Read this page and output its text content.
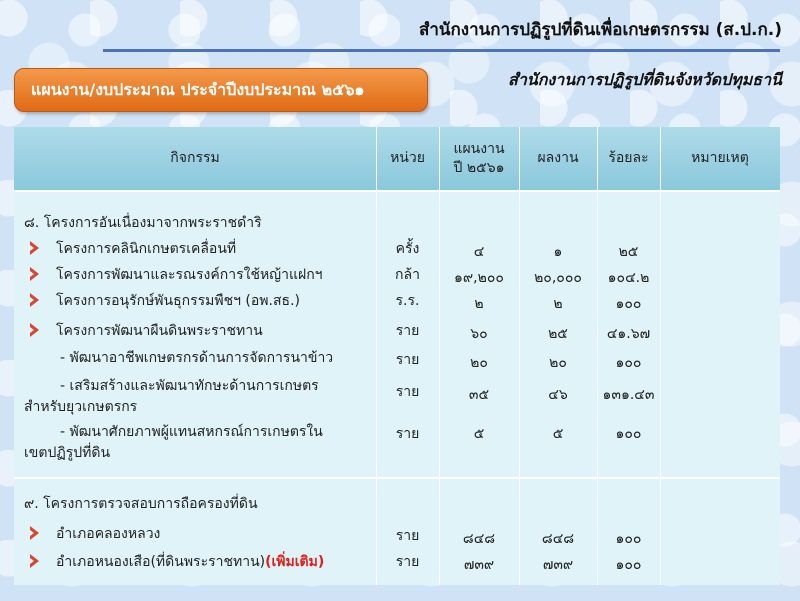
สำนักงานการปฏิรูปที่ดินเพื่อเกษตรกรรม (ส.ป.ก.)
แผนงาน/งบประมาณ ประจำปีงบประมาณ ๒๕๖๑	สำนักงานการปฏิรูปที่ดินจังหวัดปทุมธานี
กิจกรรม	หน่วย
แผนงาน
ปี ๒๕๖๑
ผลงาน	ร้อยละ	หมายเหตุ
๘. โครงการอันเนื่องมาจากพระราชดำริ
โครงการคลินิกเกษตรเคลื่อนที่	ครั้ง	๔	๑	๒๕
โครงการพัฒนาและรณรงค์การใช้หญ้าแฝกฯ	กล้า	๑๙,๒๐๐	๒๐,๐๐๐	๑๐๔.๒
โครงการอนุรักษ์พันธุกรรมพืชฯ (อพ.สธ.)	ร.ร.	๒	๒	๑๐๐
โครงการพัฒนาผืนดินพระราชทาน	ราย	๖๐	๒๕	๔๑.๖๗
- พัฒนาอาชีพเกษตรกรด้านการจัดการนาข้าว	ราย	๒๐	๒๐	๑๐๐
- เสริมสร้างและพัฒนาทักษะด้านการเกษตร
สำหรับยุวเกษตรกร
ราย	๓๕	๔๖	๑๓๑.๔๓
- พัฒนาศักยภาพผู้แทนสหกรณ์การเกษตรใน
เขตปฏิรูปที่ดิน
ราย	๕	๕	๑๐๐
๙. โครงการตรวจสอบการถือครองที่ดิน
อำเภอคลองหลวง	ราย	๘๔๘	๘๔๘	๑๐๐
อำเภอหนองเสือ(ที่ดินพระราชทาน)(เพิ่มเติม)	ราย	๗๓๙	๗๓๙	๑๐๐
